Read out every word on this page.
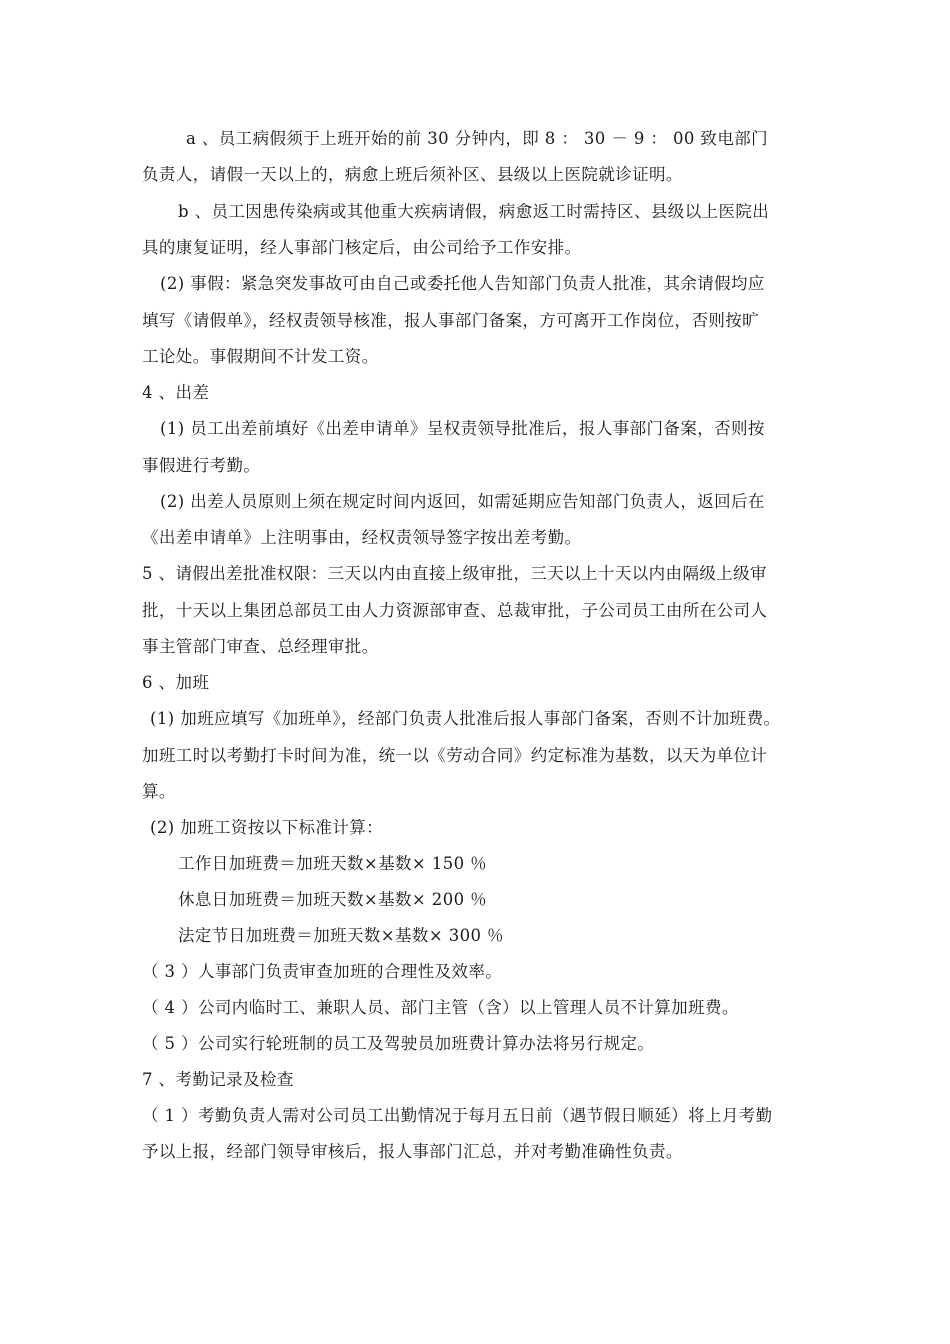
a 、员工病假须于上班开始的前 30 分钟内，即 8 ： 30 － 9 ： 00 致电部门
负责人，请假一天以上的，病愈上班后须补区、县级以上医院就诊证明。
b 、员工因患传染病或其他重大疾病请假，病愈返工时需持区、县级以上医院出
具的康复证明，经人事部门核定后，由公司给予工作安排。
(2) 事假：紧急突发事故可由自己或委托他人告知部门负责人批准，其余请假均应
填写《请假单》，经权责领导核准，报人事部门备案，方可离开工作岗位，否则按旷
工论处。事假期间不计发工资。
4 、出差
(1) 员工出差前填好《出差申请单》呈权责领导批准后，报人事部门备案，否则按
事假进行考勤。
(2) 出差人员原则上须在规定时间内返回，如需延期应告知部门负责人，返回后在
《出差申请单》上注明事由，经权责领导签字按出差考勤。
5 、请假出差批准权限：三天以内由直接上级审批，三天以上十天以内由隔级上级审
批，十天以上集团总部员工由人力资源部审查、总裁审批，子公司员工由所在公司人
事主管部门审查、总经理审批。
6 、加班
(1) 加班应填写《加班单》，经部门负责人批准后报人事部门备案，否则不计加班费。
加班工时以考勤打卡时间为准，统一以《劳动合同》约定标准为基数，以天为单位计
算。
(2) 加班工资按以下标准计算：
工作日加班费＝加班天数×基数× 150 ％
休息日加班费＝加班天数×基数× 200 ％
法定节日加班费＝加班天数×基数× 300 ％
（ 3 ）人事部门负责审查加班的合理性及效率。
（ 4 ）公司内临时工、兼职人员、部门主管（含）以上管理人员不计算加班费。
（ 5 ）公司实行轮班制的员工及驾驶员加班费计算办法将另行规定。
7 、考勤记录及检查
（ 1 ）考勤负责人需对公司员工出勤情况于每月五日前（遇节假日顺延）将上月考勤
予以上报，经部门领导审核后，报人事部门汇总，并对考勤准确性负责。
